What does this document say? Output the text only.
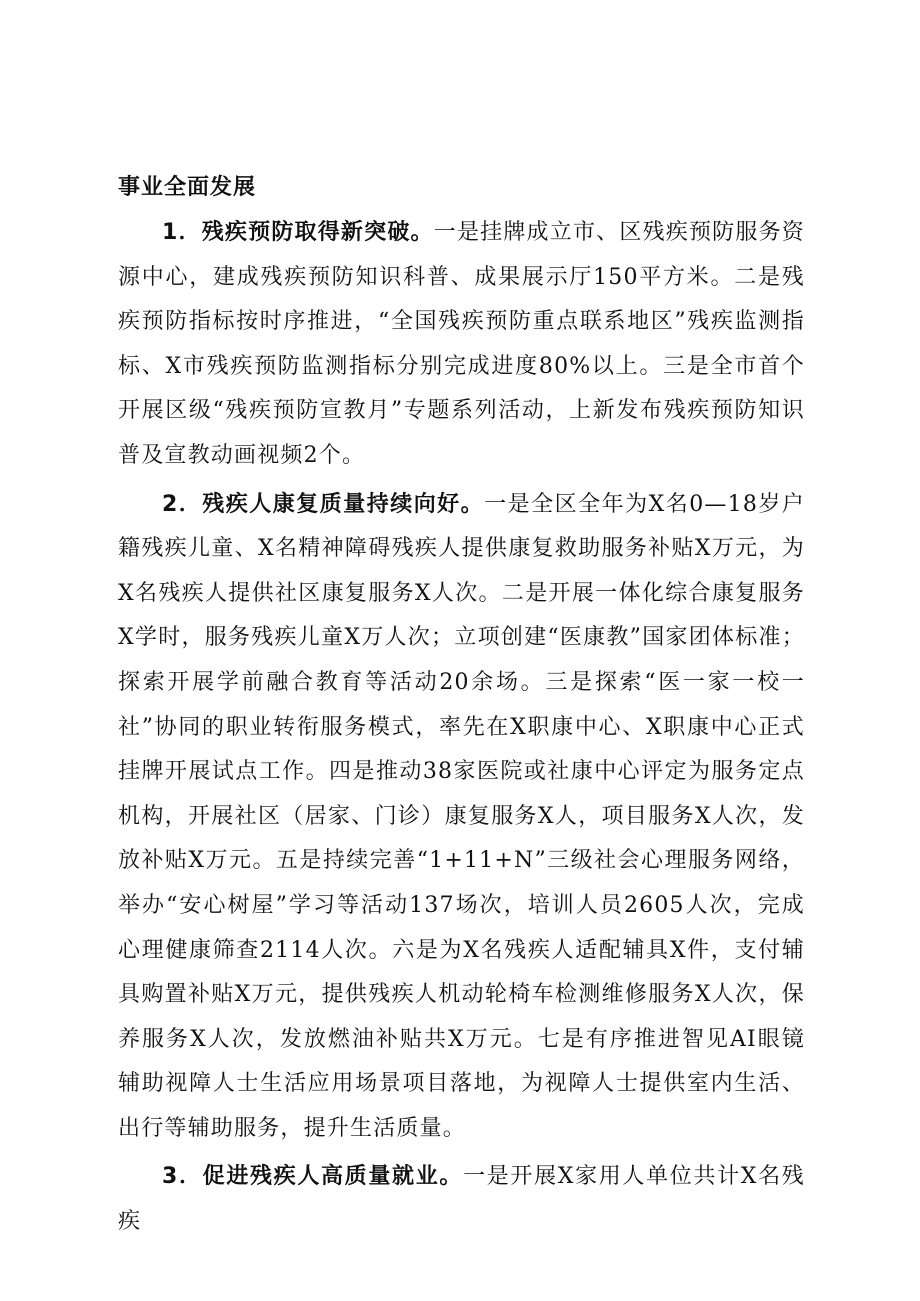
事业全面发展

1．残疾预防取得新突破。一是挂牌成立市、区残疾预防服务资源中心，建成残疾预防知识科普、成果展示厅150平方米。二是残疾预防指标按时序推进，“全国残疾预防重点联系地区”残疾监测指标、X市残疾预防监测指标分别完成进度80%以上。三是全市首个开展区级“残疾预防宣教月”专题系列活动，上新发布残疾预防知识普及宣教动画视频2个。

2．残疾人康复质量持续向好。一是全区全年为X名0—18岁户籍残疾儿童、X名精神障碍残疾人提供康复救助服务补贴X万元，为X名残疾人提供社区康复服务X人次。二是开展一体化综合康复服务X学时，服务残疾儿童X万人次；立项创建“医康教”国家团体标准；探索开展学前融合教育等活动20余场。三是探索“医一家一校一社”协同的职业转衔服务模式，率先在X职康中心、X职康中心正式挂牌开展试点工作。四是推动38家医院或社康中心评定为服务定点机构，开展社区（居家、门诊）康复服务X人，项目服务X人次，发放补贴X万元。五是持续完善“1+11+N”三级社会心理服务网络，举办“安心树屋”学习等活动137场次，培训人员2605人次，完成心理健康筛查2114人次。六是为X名残疾人适配辅具X件，支付辅具购置补贴X万元，提供残疾人机动轮椅车检测维修服务X人次，保养服务X人次，发放燃油补贴共X万元。七是有序推进智见AI眼镜辅助视障人士生活应用场景项目落地，为视障人士提供室内生活、出行等辅助服务，提升生活质量。

3．促进残疾人高质量就业。一是开展X家用人单位共计X名残疾
